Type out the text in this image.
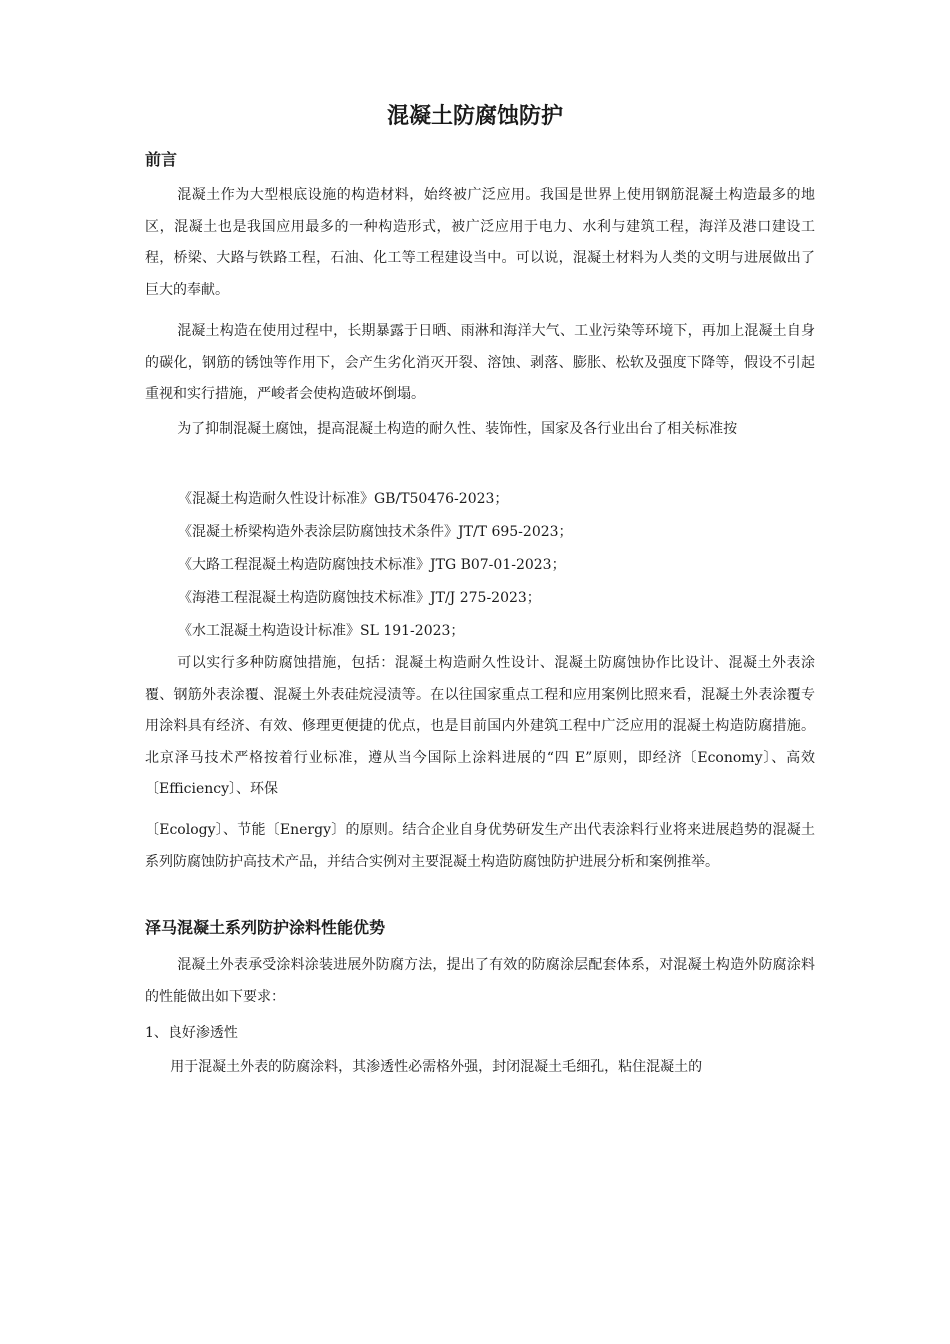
混凝土防腐蚀防护
前言

混凝土作为大型根底设施的构造材料，始终被广泛应用。我国是世界上使用钢筋混凝土构造最多的地区，混凝土也是我国应用最多的一种构造形式，被广泛应用于电力、水利与建筑工程，海洋及港口建设工程，桥梁、大路与铁路工程，石油、化工等工程建设当中。可以说，混凝土材料为人类的文明与进展做出了巨大的奉献。

混凝土构造在使用过程中，长期暴露于日晒、雨淋和海洋大气、工业污染等环境下，再加上混凝土自身的碳化，钢筋的锈蚀等作用下，会产生劣化消灭开裂、溶蚀、剥落、膨胀、松软及强度下降等，假设不引起重视和实行措施，严峻者会使构造破坏倒塌。

为了抑制混凝土腐蚀，提高混凝土构造的耐久性、装饰性，国家及各行业出台了相关标准按

《混凝土构造耐久性设计标准》GB/T50476-2023；

《混凝土桥梁构造外表涂层防腐蚀技术条件》JT/T 695-2023；

《大路工程混凝土构造防腐蚀技术标准》JTG B07-01-2023；

《海港工程混凝土构造防腐蚀技术标准》JT/J 275-2023；

《水工混凝土构造设计标准》SL 191-2023；

可以实行多种防腐蚀措施，包括：混凝土构造耐久性设计、混凝土防腐蚀协作比设计、混凝土外表涂覆、钢筋外表涂覆、混凝土外表硅烷浸渍等。在以往国家重点工程和应用案例比照来看，混凝土外表涂覆专用涂料具有经济、有效、修理更便捷的优点，也是目前国内外建筑工程中广泛应用的混凝土构造防腐措施。北京泽马技术严格按着行业标准，遵从当今国际上涂料进展的“四 E”原则，即经济〔Economy〕、高效〔Efficiency〕、环保

〔Ecology〕、节能〔Energy〕的原则。结合企业自身优势研发生产出代表涂料行业将来进展趋势的混凝土系列防腐蚀防护高技术产品，并结合实例对主要混凝土构造防腐蚀防护进展分析和案例推举。

泽马混凝土系列防护涂料性能优势

混凝土外表承受涂料涂装进展外防腐方法，提出了有效的防腐涂层配套体系，对混凝土构造外防腐涂料的性能做出如下要求：

1、良好渗透性

用于混凝土外表的防腐涂料，其渗透性必需格外强，封闭混凝土毛细孔，粘住混凝土的
